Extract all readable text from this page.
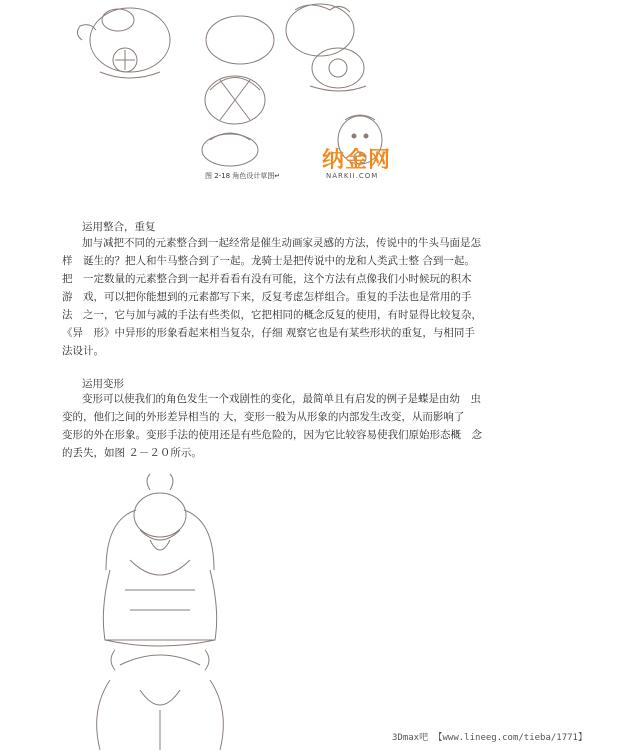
图 2-18 角色设计草图↵
纳金网
NARKII.COM
运用整合，重复
加与减把不同的元素整合到一起经常是催生动画家灵感的方法，传说中的牛头马面是怎
样　诞生的？把人和牛马整合到了一起。龙骑士是把传说中的龙和人类武士整 合到一起。
把　一定数量的元素整合到一起并看看有没有可能，这个方法有点像我们小时候玩的积木
游　戏，可以把你能想到的元素都写下来，反复考虑怎样组合。重复的手法也是常用的手
法　之一，它与加与减的手法有些类似，它把相同的概念反复的使用，有时显得比较复杂，
《异　形》中异形的形象看起来相当复杂，仔细 观察它也是有某些形状的重复，与相同手
法设计。
运用变形
变形可以使我们的角色发生一个戏剧性的变化，最简单且有启发的例子是蝶是由幼　虫
变的，他们之间的外形差异相当的 大，变形一般为从形象的内部发生改变，从而影响了
变形的外在形象。变形手法的使用还是有些危险的，因为它比较容易使我们原始形态概　念
的丢失，如图 ２－２０所示。
3Dmax吧 【www.lineeg.com/tieba/1771】
